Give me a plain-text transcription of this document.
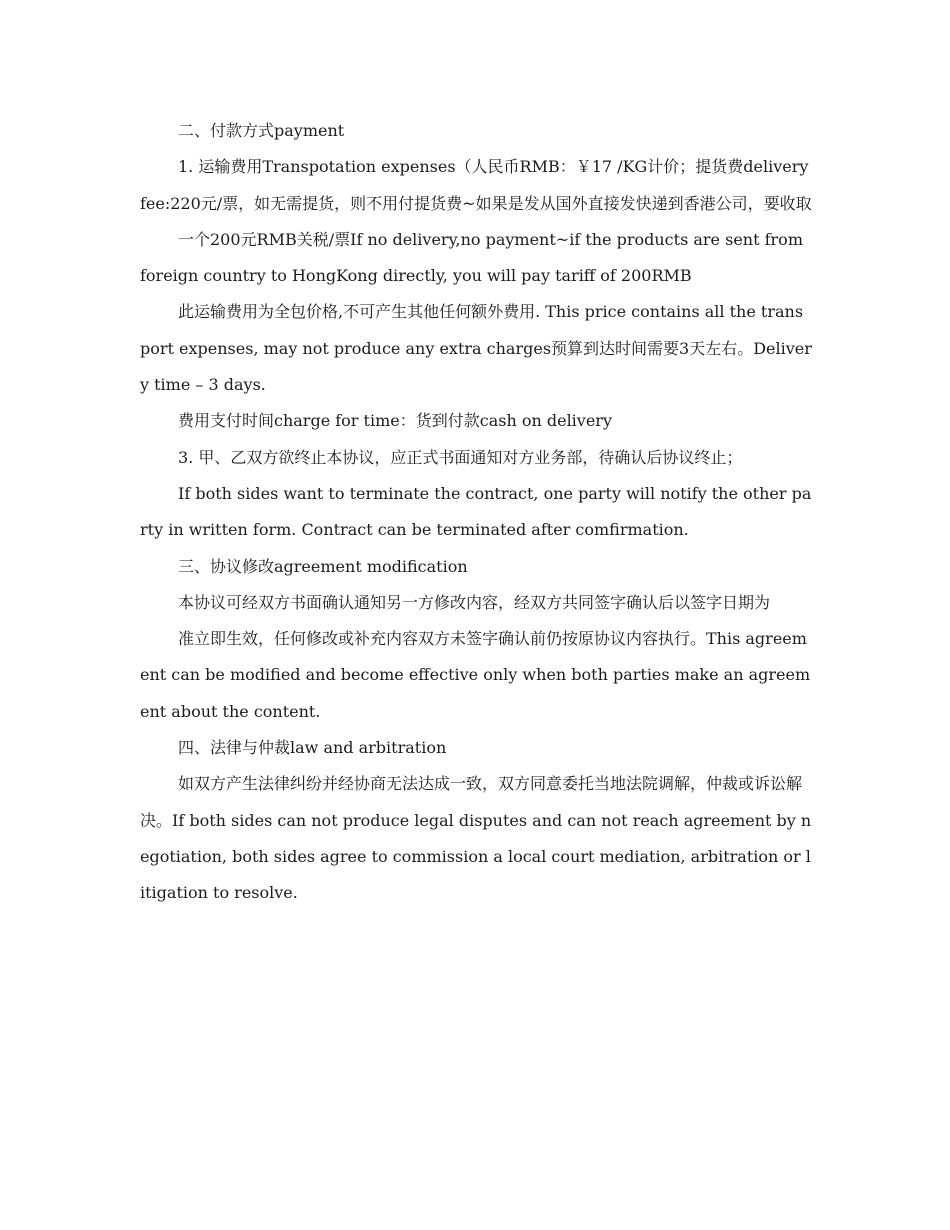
二、付款方式payment

1. 运输费用Transpotation expenses（人民币RMB：￥17 /KG计价；提货费delivery fee:220元/票，如无需提货，则不用付提货费~如果是发从国外直接发快递到香港公司，要收取

一个200元RMB关税/票If no delivery,no payment~if the products are sent from foreign country to HongKong directly, you will pay tariff of 200RMB

此运输费用为全包价格,不可产生其他任何额外费用. This price contains all the transport expenses, may not produce any extra charges预算到达时间需要3天左右。Delivery time – 3 days.

费用支付时间charge for time：货到付款cash on delivery

3. 甲、乙双方欲终止本协议，应正式书面通知对方业务部，待确认后协议终止；

If both sides want to terminate the contract, one party will notify the other party in written form. Contract can be terminated after comfirmation.

三、协议修改agreement modification

本协议可经双方书面确认通知另一方修改内容，经双方共同签字确认后以签字日期为

准立即生效，任何修改或补充内容双方未签字确认前仍按原协议内容执行。This agreement can be modified and become effective only when both parties make an agreement about the content.

四、法律与仲裁law and arbitration

如双方产生法律纠纷并经协商无法达成一致，双方同意委托当地法院调解，仲裁或诉讼解决。If both sides can not produce legal disputes and can not reach agreement by negotiation, both sides agree to commission a local court mediation, arbitration or litigation to resolve.
